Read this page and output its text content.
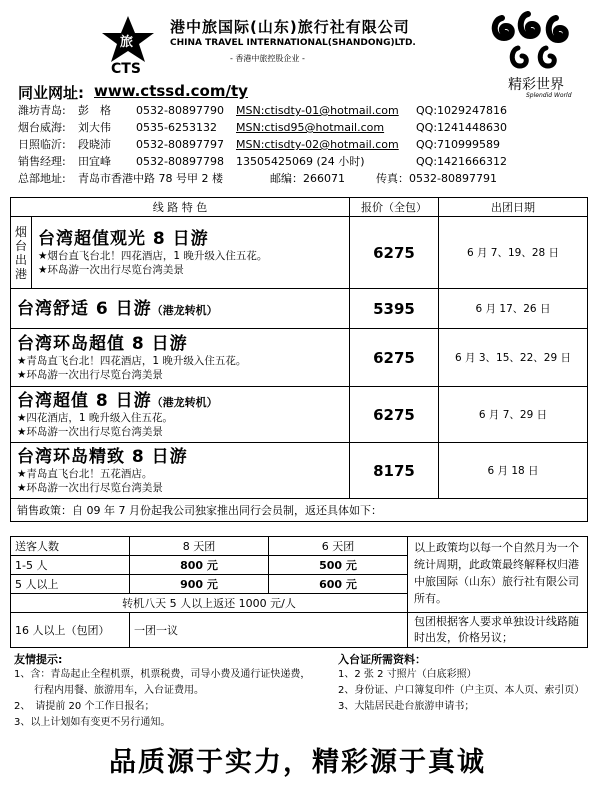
旅
CTS
港中旅国际(山东)旅行社有限公司
CHINA TRAVEL INTERNATIONAL(SHANDONG)LTD.
- 香港中旅控股企业 -
精彩世界
Splendid World
同业网址: www.ctssd.com/ty
潍坊青岛: 彭　格 0532-80897790 MSN:ctisdty-01@hotmail.com QQ:1029247816
烟台威海: 刘大伟 0535-6253132 MSN:ctisd95@hotmail.com	QQ:1241448630
日照临沂: 段晓沛 0532-80897797 MSN:ctisdty-02@hotmail.com QQ:710999589
销售经理: 田宜峰 0532-80897798 13505425069 (24 小时)	QQ:1421666312
总部地址: 青岛市香港中路 78 号甲 2 楼	邮编：266071	传真：0532-80897791
线 路 特 色		报价（全包）	出团日期
烟台出港	台湾超值观光 8 日游
★烟台直飞台北！四花酒店，1 晚升级入住五花。
★环岛游一次出行尽览台湾美景	6275	6 月 7、19、28 日
台湾舒适 6 日游（港龙转机）		5395	6 月 17、26 日

台湾环岛超值 8 日游
★青岛直飞台北！四花酒店，1 晚升级入住五花。
★环岛游一次出行尽览台湾美景		6275	6 月 3、15、22、29 日

台湾超值 8 日游（港龙转机）
★四花酒店，1 晚升级入住五花。
★环岛游一次出行尽览台湾美景		6275	6 月 7、29 日

台湾环岛精致 8 日游
★青岛直飞台北！五花酒店。
★环岛游一次出行尽览台湾美景		8175	6 月 18 日
销售政策：自 09 年 7 月份起我公司独家推出同行会员制，返还具体如下：			
送客人数	8 天团	6 天团	以上政策均以每一个自然月为一个统计周期，此政策最终解释权归港中旅国际（山东）旅行社有限公司所有。
1-5 人	800 元	500 元	
5 人以上	900 元	600 元	
转机八天 5 人以上返还 1000 元/人			
16 人以上（包团）	一团一议		包团根据客人要求单独设计线路随时出发，价格另议；
友情提示:
1、含：青岛起止全程机票，机票税费，司导小费及通行证快递费，
　　行程内用餐、旅游用车，入台证费用。
2、　请提前 20 个工作日报名；
3、以上计划如有变更不另行通知。
入台证所需资料：
1、2 张 2 寸照片（白底彩照）
2、身份证、户口簿复印件（户主页、本人页、索引页）
3、大陆居民赴台旅游申请书；
品质源于实力，精彩源于真诚
